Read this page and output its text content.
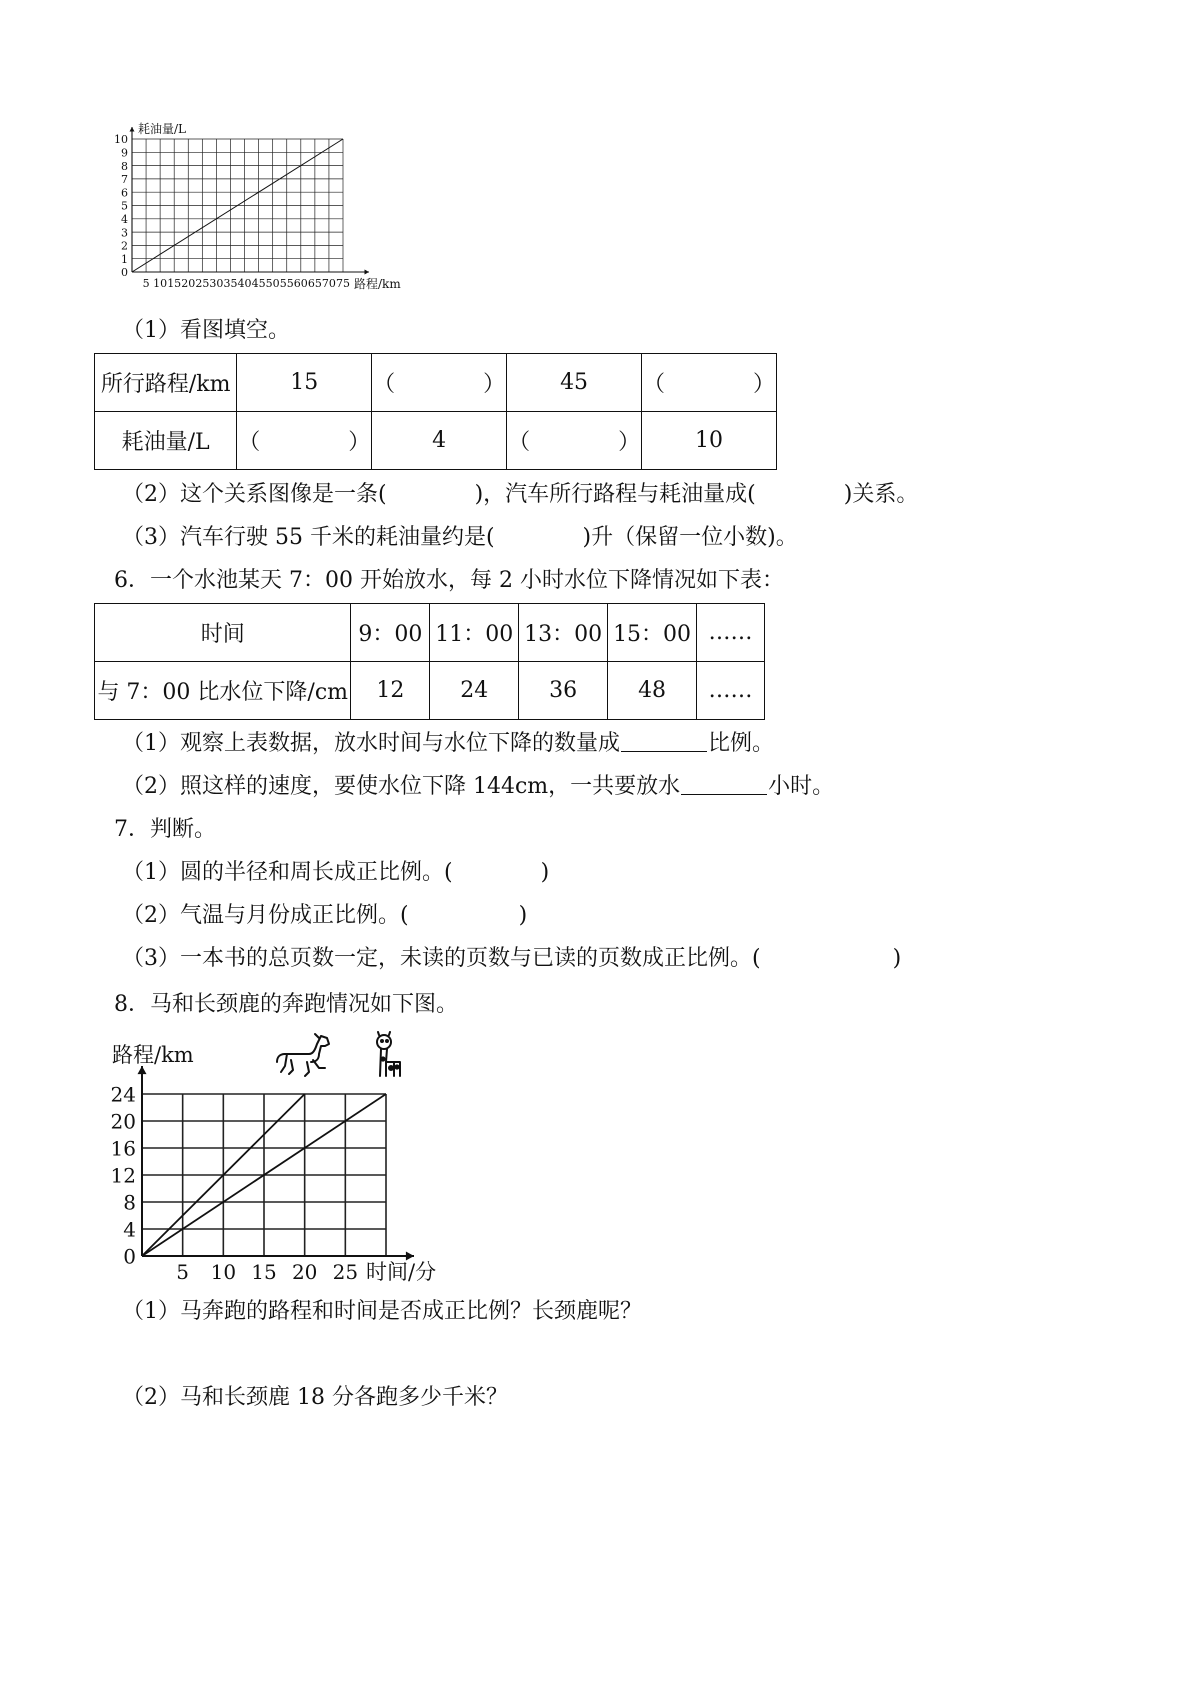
5 10 15 20 25 30 35 40 45 50 55 60 65 70 75
0
1
2
3
4
5
6
7
8
9
10
耗油量/L
路程/km
（1）看图填空。
所行路程/km	15	（　　　　）	45	（　　　　）
耗油量/L	（　　　　）	4	（　　　　）	10
（2）这个关系图像是一条(　　　　)，汽车所行路程与耗油量成(　　　　)关系。
（3）汽车行驶 55 千米的耗油量约是(　　　　)升（保留一位小数)。
6．一个水池某天 7：00 开始放水，每 2 小时水位下降情况如下表：
时间	9：00	11：00	13：00	15：00	……
与 7：00 比水位下降/cm	12	24	36	48	……
（1）观察上表数据，放水时间与水位下降的数量成	比例。
（2）照这样的速度，要使水位下降 144cm，一共要放水	小时。
7．判断。
（1）圆的半径和周长成正比例。(　　　　)
（2）气温与月份成正比例。(　　　　　)
（3）一本书的总页数一定，未读的页数与已读的页数成正比例。(　　　　　　)
8．马和长颈鹿的奔跑情况如下图。
5 10 15 20 25
0
4
8
12
16
20
24
路程/km
时间/分
（1）马奔跑的路程和时间是否成正比例？长颈鹿呢？
（2）马和长颈鹿 18 分各跑多少千米？
